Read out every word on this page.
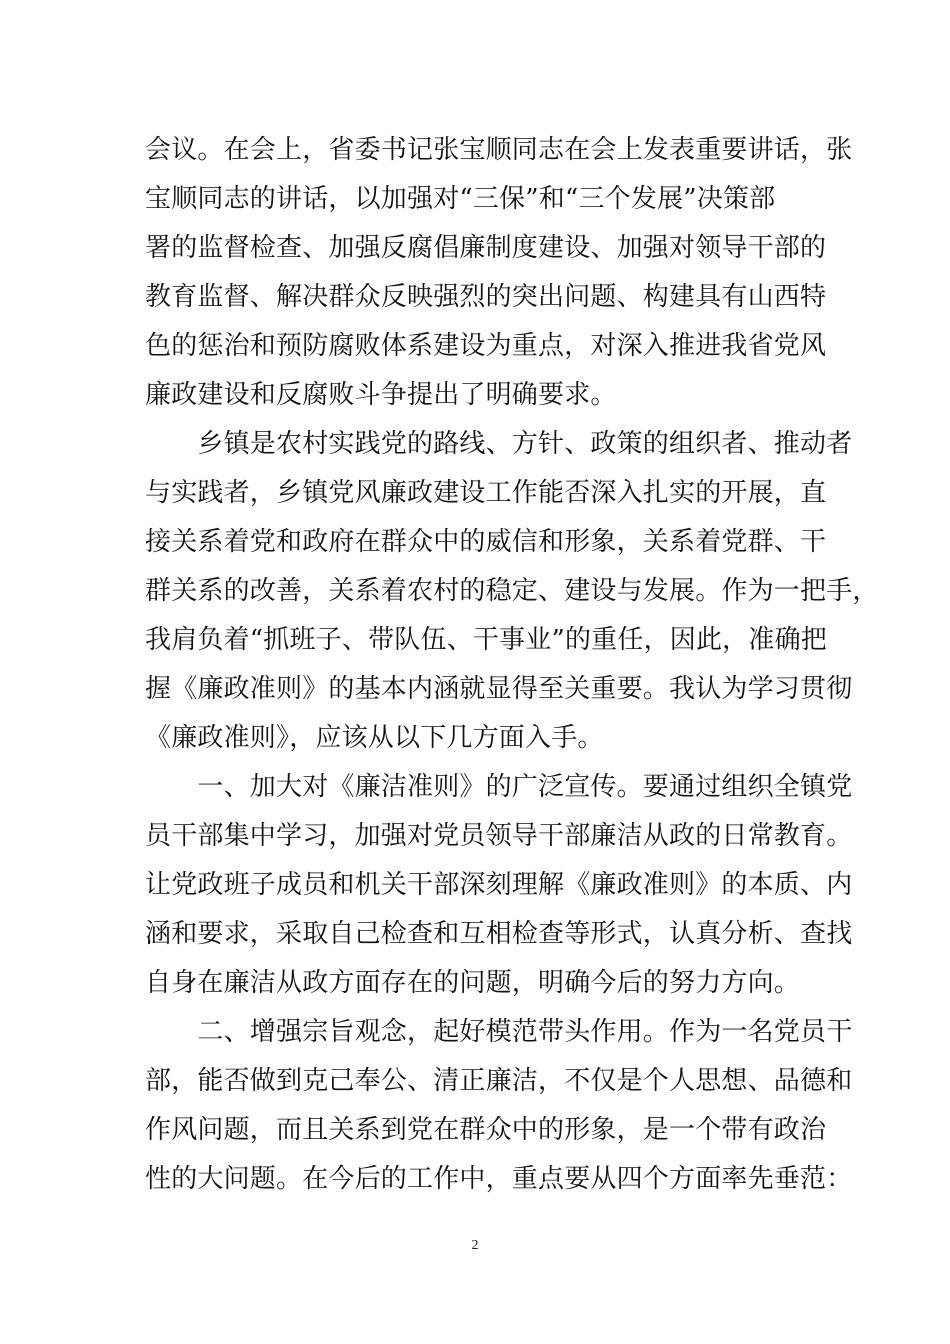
会议。在会上，省委书记张宝顺同志在会上发表重要讲话，张
宝顺同志的讲话，以加强对“三保”和“三个发展”决策部
署的监督检查、加强反腐倡廉制度建设、加强对领导干部的
教育监督、解决群众反映强烈的突出问题、构建具有山西特
色的惩治和预防腐败体系建设为重点，对深入推进我省党风
廉政建设和反腐败斗争提出了明确要求。
　　乡镇是农村实践党的路线、方针、政策的组织者、推动者
与实践者，乡镇党风廉政建设工作能否深入扎实的开展，直
接关系着党和政府在群众中的威信和形象，关系着党群、干
群关系的改善，关系着农村的稳定、建设与发展。作为一把手，
我肩负着“抓班子、带队伍、干事业”的重任，因此，准确把
握《廉政准则》的基本内涵就显得至关重要。我认为学习贯彻
《廉政准则》，应该从以下几方面入手。
　　一、加大对《廉洁准则》的广泛宣传。要通过组织全镇党
员干部集中学习，加强对党员领导干部廉洁从政的日常教育。
让党政班子成员和机关干部深刻理解《廉政准则》的本质、内
涵和要求，采取自己检查和互相检查等形式，认真分析、查找
自身在廉洁从政方面存在的问题，明确今后的努力方向。
　　二、增强宗旨观念，起好模范带头作用。作为一名党员干
部，能否做到克己奉公、清正廉洁，不仅是个人思想、品德和
作风问题，而且关系到党在群众中的形象，是一个带有政治
性的大问题。在今后的工作中，重点要从四个方面率先垂范：
2
